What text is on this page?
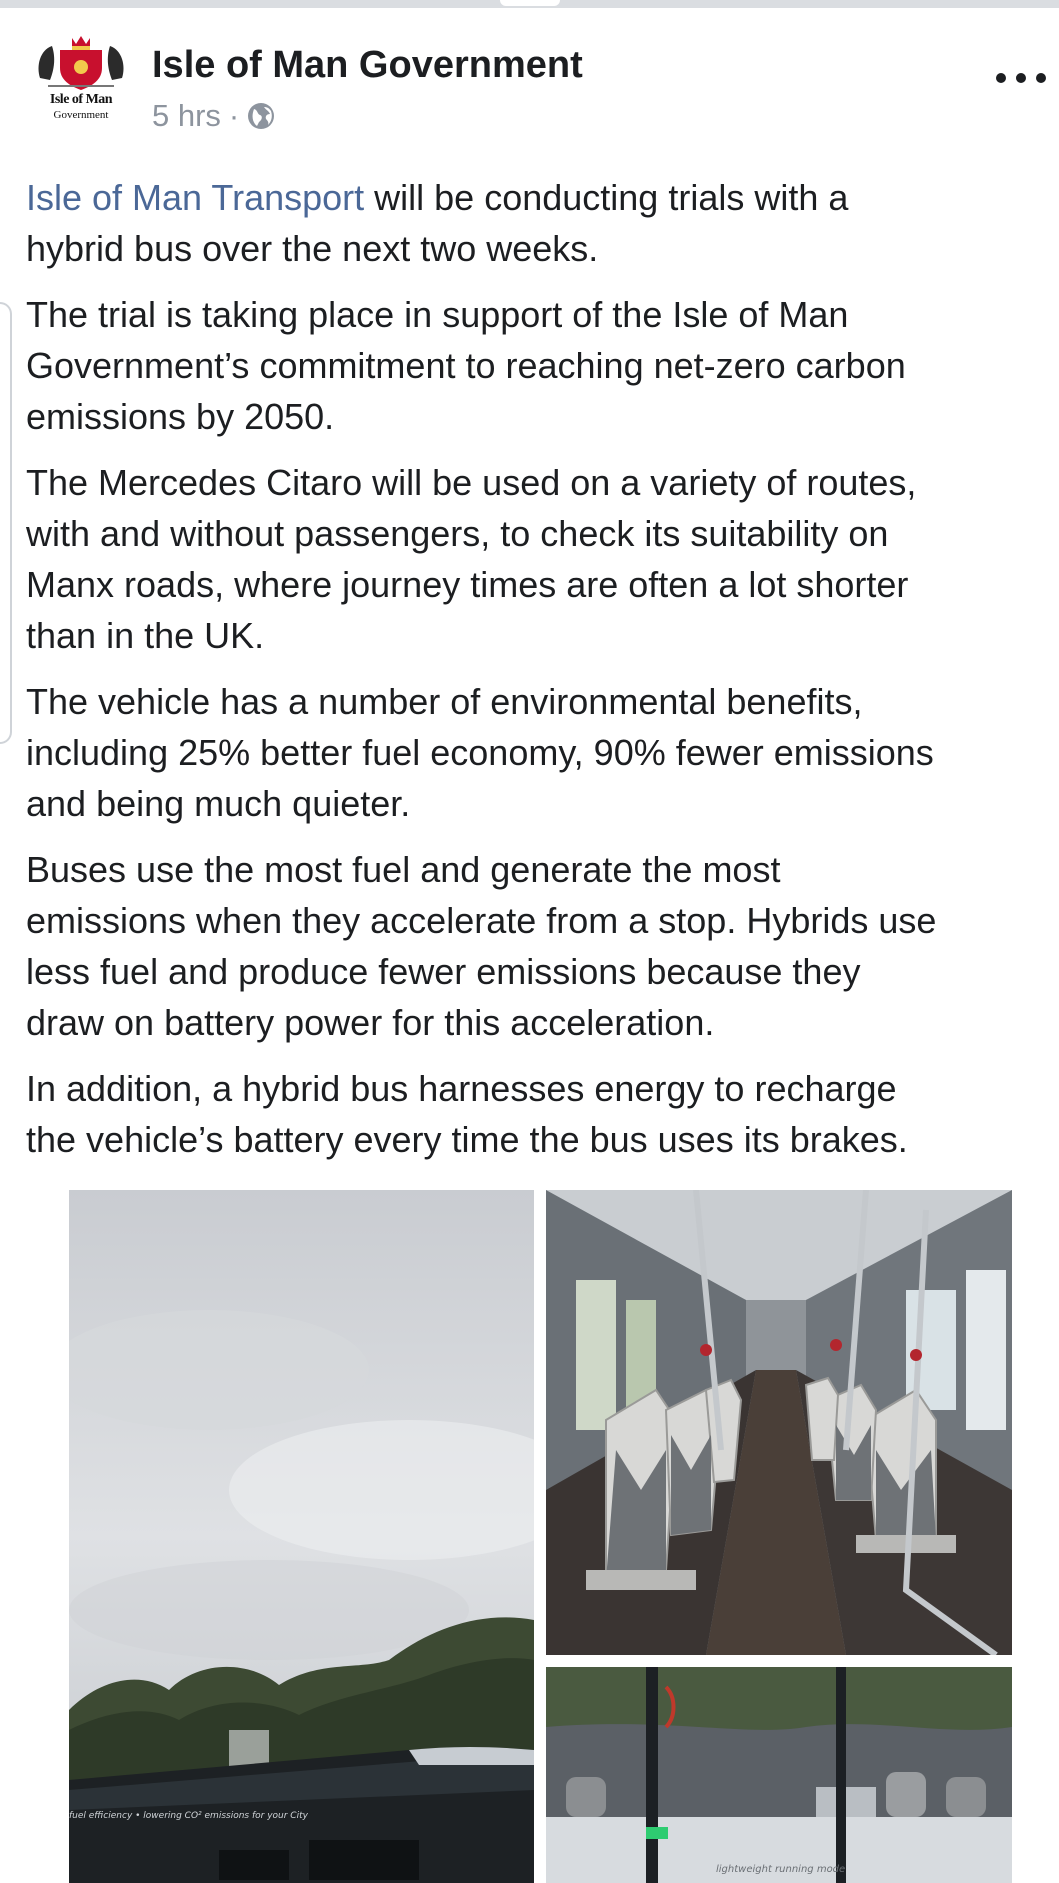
Isle of Man
Government
Isle of Man Government
5 hrs ·

Isle of Man Transport will be conducting trials with a
hybrid bus over the next two weeks.

The trial is taking place in support of the Isle of Man
Government’s commitment to reaching net-zero carbon
emissions by 2050.

The Mercedes Citaro will be used on a variety of routes,
with and without passengers, to check its suitability on
Manx roads, where journey times are often a lot shorter
than in the UK.

The vehicle has a number of environmental benefits,
including 25% better fuel economy, 90% fewer emissions
and being much quieter.

Buses use the most fuel and generate the most
emissions when they accelerate from a stop. Hybrids use
less fuel and produce fewer emissions because they
draw on battery power for this acceleration.

In addition, a hybrid bus harnesses energy to recharge
the vehicle’s battery every time the bus uses its brakes.

fuel efficiency • lowering CO² emissions for your City
lightweight running mode
